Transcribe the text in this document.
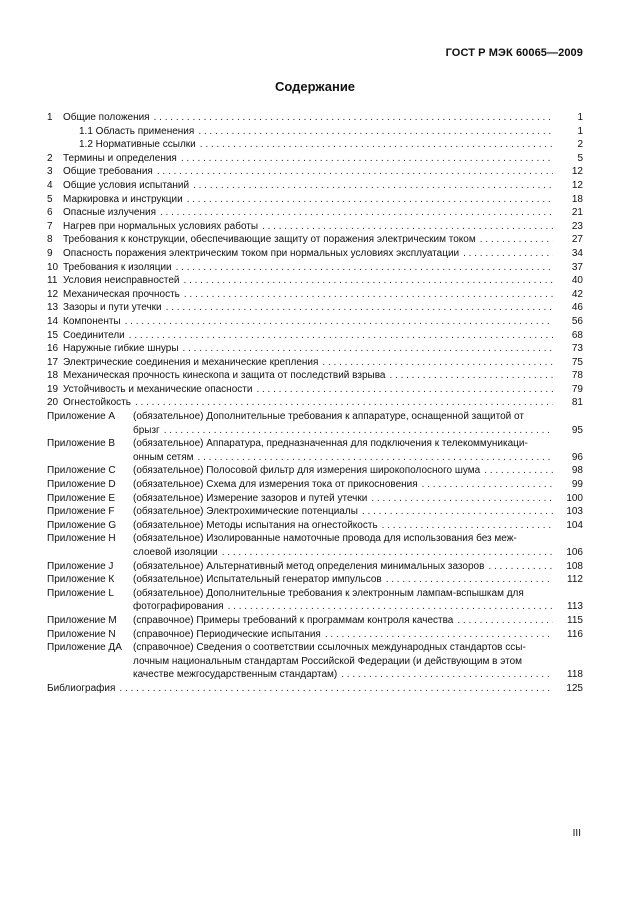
ГОСТ Р МЭК 60065—2009
Содержание
1	Общие положения . . .	1
1.1 Область применения . . .	1
1.2 Нормативные ссылки . . .	2
2	Термины и определения . . .	5
3	Общие требования . . .	12
4	Общие условия испытаний . . .	12
5	Маркировка и инструкции . . .	18
6	Опасные излучения . . .	21
7	Нагрев при нормальных условиях работы . . .	23
8	Требования к конструкции, обеспечивающие защиту от поражения электрическим током . . .	27
9	Опасность поражения электрическим током при нормальных условиях эксплуатации . . .	34
10 Требования к изоляции . . .	37
11 Условия неисправностей . . .	40
12 Механическая прочность . . .	42
13 Зазоры и пути утечки . . .	46
14 Компоненты . . .	56
15 Соединители . . .	68
16 Наружные гибкие шнуры . . .	73
17 Электрические соединения и механические крепления . . .	75
18 Механическая прочность кинескопа и защита от последствий взрыва . . .	78
19 Устойчивость и механические опасности . . .	79
20 Огнестойкость . . .	81
Приложение А	(обязательное) Дополнительные требования к аппаратуре, оснащенной защитой от
брызг . . .	95
Приложение В	(обязательное) Аппаратура, предназначенная для подключения к телекоммуникаци-
онным сетям . . .	96
Приложение С	(обязательное) Полосовой фильтр для измерения широкополосного шума . . .	98
Приложение D	(обязательное) Схема для измерения тока от прикосновения . . .	99
Приложение Е	(обязательное) Измерение зазоров и путей утечки . . .	100
Приложение F	(обязательное) Электрохимические потенциалы . . .	103
Приложение G	(обязательное) Методы испытания на огнестойкость . . .	104
Приложение Н	(обязательное) Изолированные намоточные провода для использования без меж-
слоевой изоляции . . .	106
Приложение J	(обязательное) Альтернативный метод определения минимальных зазоров . . .	108
Приложение К	(обязательное) Испытательный генератор импульсов . . .	112
Приложение L	(обязательное) Дополнительные требования к электронным лампам-вспышкам для
фотографирования . . .	113
Приложение М	(справочное) Примеры требований к программам контроля качества . . .	115
Приложение N	(справочное) Периодические испытания . . .	116
Приложение ДА	(справочное) Сведения о соответствии ссылочных международных стандартов ссы-
лочным национальным стандартам Российской Федерации (и действующим в этом
качестве межгосударственным стандартам) . . .	118
Библиография . . .	125
III
